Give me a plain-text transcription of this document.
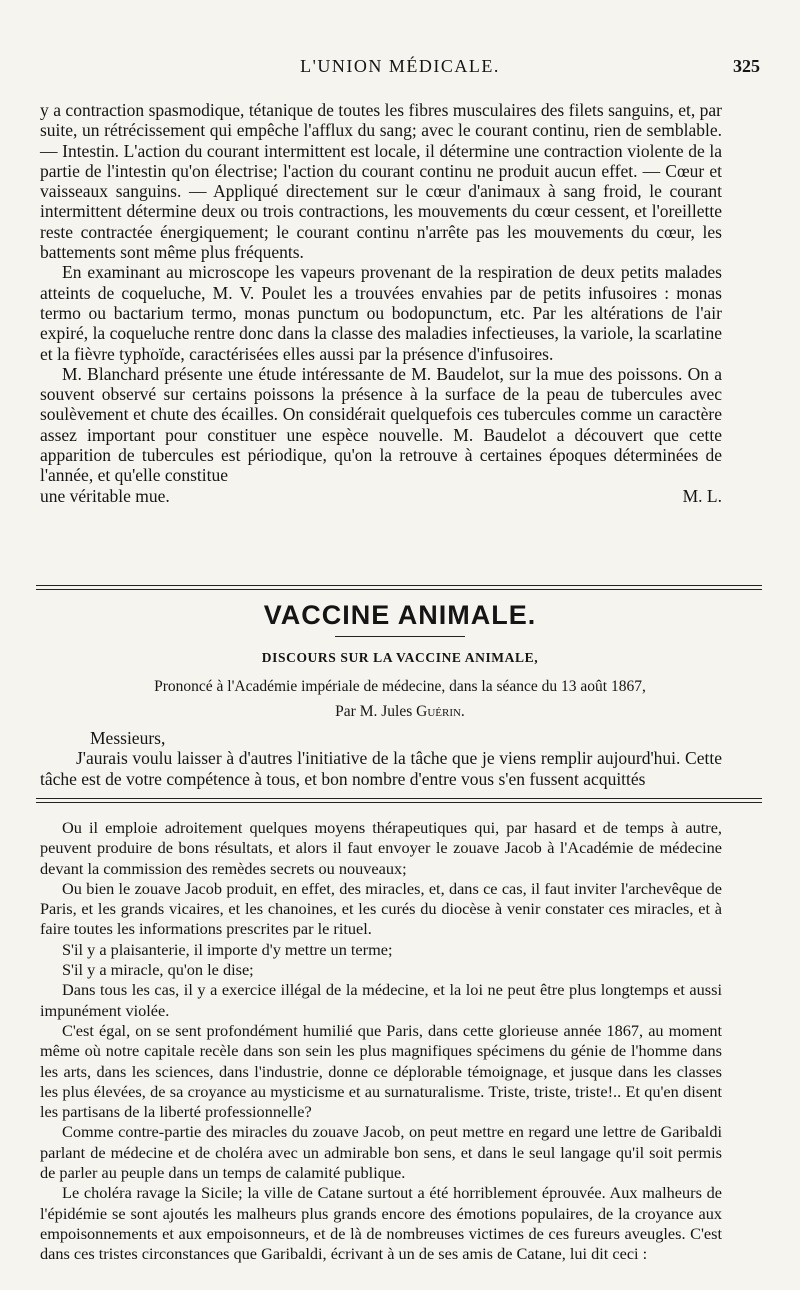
L'UNION MÉDICALE.	325

y a contraction spasmodique, tétanique de toutes les fibres musculaires des filets sanguins, et, par suite, un rétrécissement qui empêche l'afflux du sang; avec le courant continu, rien de semblable. — Intestin. L'action du courant intermittent est locale, il détermine une contraction violente de la partie de l'intestin qu'on électrise; l'action du courant continu ne produit aucun effet. — Cœur et vaisseaux sanguins. — Appliqué directement sur le cœur d'animaux à sang froid, le courant intermittent détermine deux ou trois contractions, les mouvements du cœur cessent, et l'oreillette reste contractée énergiquement; le courant continu n'arrête pas les mouvements du cœur, les battements sont même plus fréquents.

En examinant au microscope les vapeurs provenant de la respiration de deux petits malades atteints de coqueluche, M. V. Poulet les a trouvées envahies par de petits infusoires : monas termo ou bactarium termo, monas punctum ou bodopunctum, etc. Par les altérations de l'air expiré, la coqueluche rentre donc dans la classe des maladies infectieuses, la variole, la scarlatine et la fièvre typhoïde, caractérisées elles aussi par la présence d'infusoires.

M. Blanchard présente une étude intéressante de M. Baudelot, sur la mue des poissons. On a souvent observé sur certains poissons la présence à la surface de la peau de tubercules avec soulèvement et chute des écailles. On considérait quelquefois ces tubercules comme un caractère assez important pour constituer une espèce nouvelle. M. Baudelot a découvert que cette apparition de tubercules est périodique, qu'on la retrouve à certaines époques déterminées de l'année, et qu'elle constitue

une véritable mue.	M. L.

VACCINE ANIMALE.
DISCOURS SUR LA VACCINE ANIMALE,
Prononcé à l'Académie impériale de médecine, dans la séance du 13 août 1867,
Par M. Jules Guérin.

Messieurs,

J'aurais voulu laisser à d'autres l'initiative de la tâche que je viens remplir aujourd'hui. Cette tâche est de votre compétence à tous, et bon nombre d'entre vous s'en fussent acquittés

Ou il emploie adroitement quelques moyens thérapeutiques qui, par hasard et de temps à autre, peuvent produire de bons résultats, et alors il faut envoyer le zouave Jacob à l'Académie de médecine devant la commission des remèdes secrets ou nouveaux;

Ou bien le zouave Jacob produit, en effet, des miracles, et, dans ce cas, il faut inviter l'archevêque de Paris, et les grands vicaires, et les chanoines, et les curés du diocèse à venir constater ces miracles, et à faire toutes les informations prescrites par le rituel.

S'il y a plaisanterie, il importe d'y mettre un terme;

S'il y a miracle, qu'on le dise;

Dans tous les cas, il y a exercice illégal de la médecine, et la loi ne peut être plus longtemps et aussi impunément violée.

C'est égal, on se sent profondément humilié que Paris, dans cette glorieuse année 1867, au moment même où notre capitale recèle dans son sein les plus magnifiques spécimens du génie de l'homme dans les arts, dans les sciences, dans l'industrie, donne ce déplorable témoignage, et jusque dans les classes les plus élevées, de sa croyance au mysticisme et au surnaturalisme. Triste, triste, triste!.. Et qu'en disent les partisans de la liberté professionnelle?

Comme contre-partie des miracles du zouave Jacob, on peut mettre en regard une lettre de Garibaldi parlant de médecine et de choléra avec un admirable bon sens, et dans le seul langage qu'il soit permis de parler au peuple dans un temps de calamité publique.

Le choléra ravage la Sicile; la ville de Catane surtout a été horriblement éprouvée. Aux malheurs de l'épidémie se sont ajoutés les malheurs plus grands encore des émotions populaires, de la croyance aux empoisonnements et aux empoisonneurs, et de là de nombreuses victimes de ces fureurs aveugles. C'est dans ces tristes circonstances que Garibaldi, écrivant à un de ses amis de Catane, lui dit ceci :
